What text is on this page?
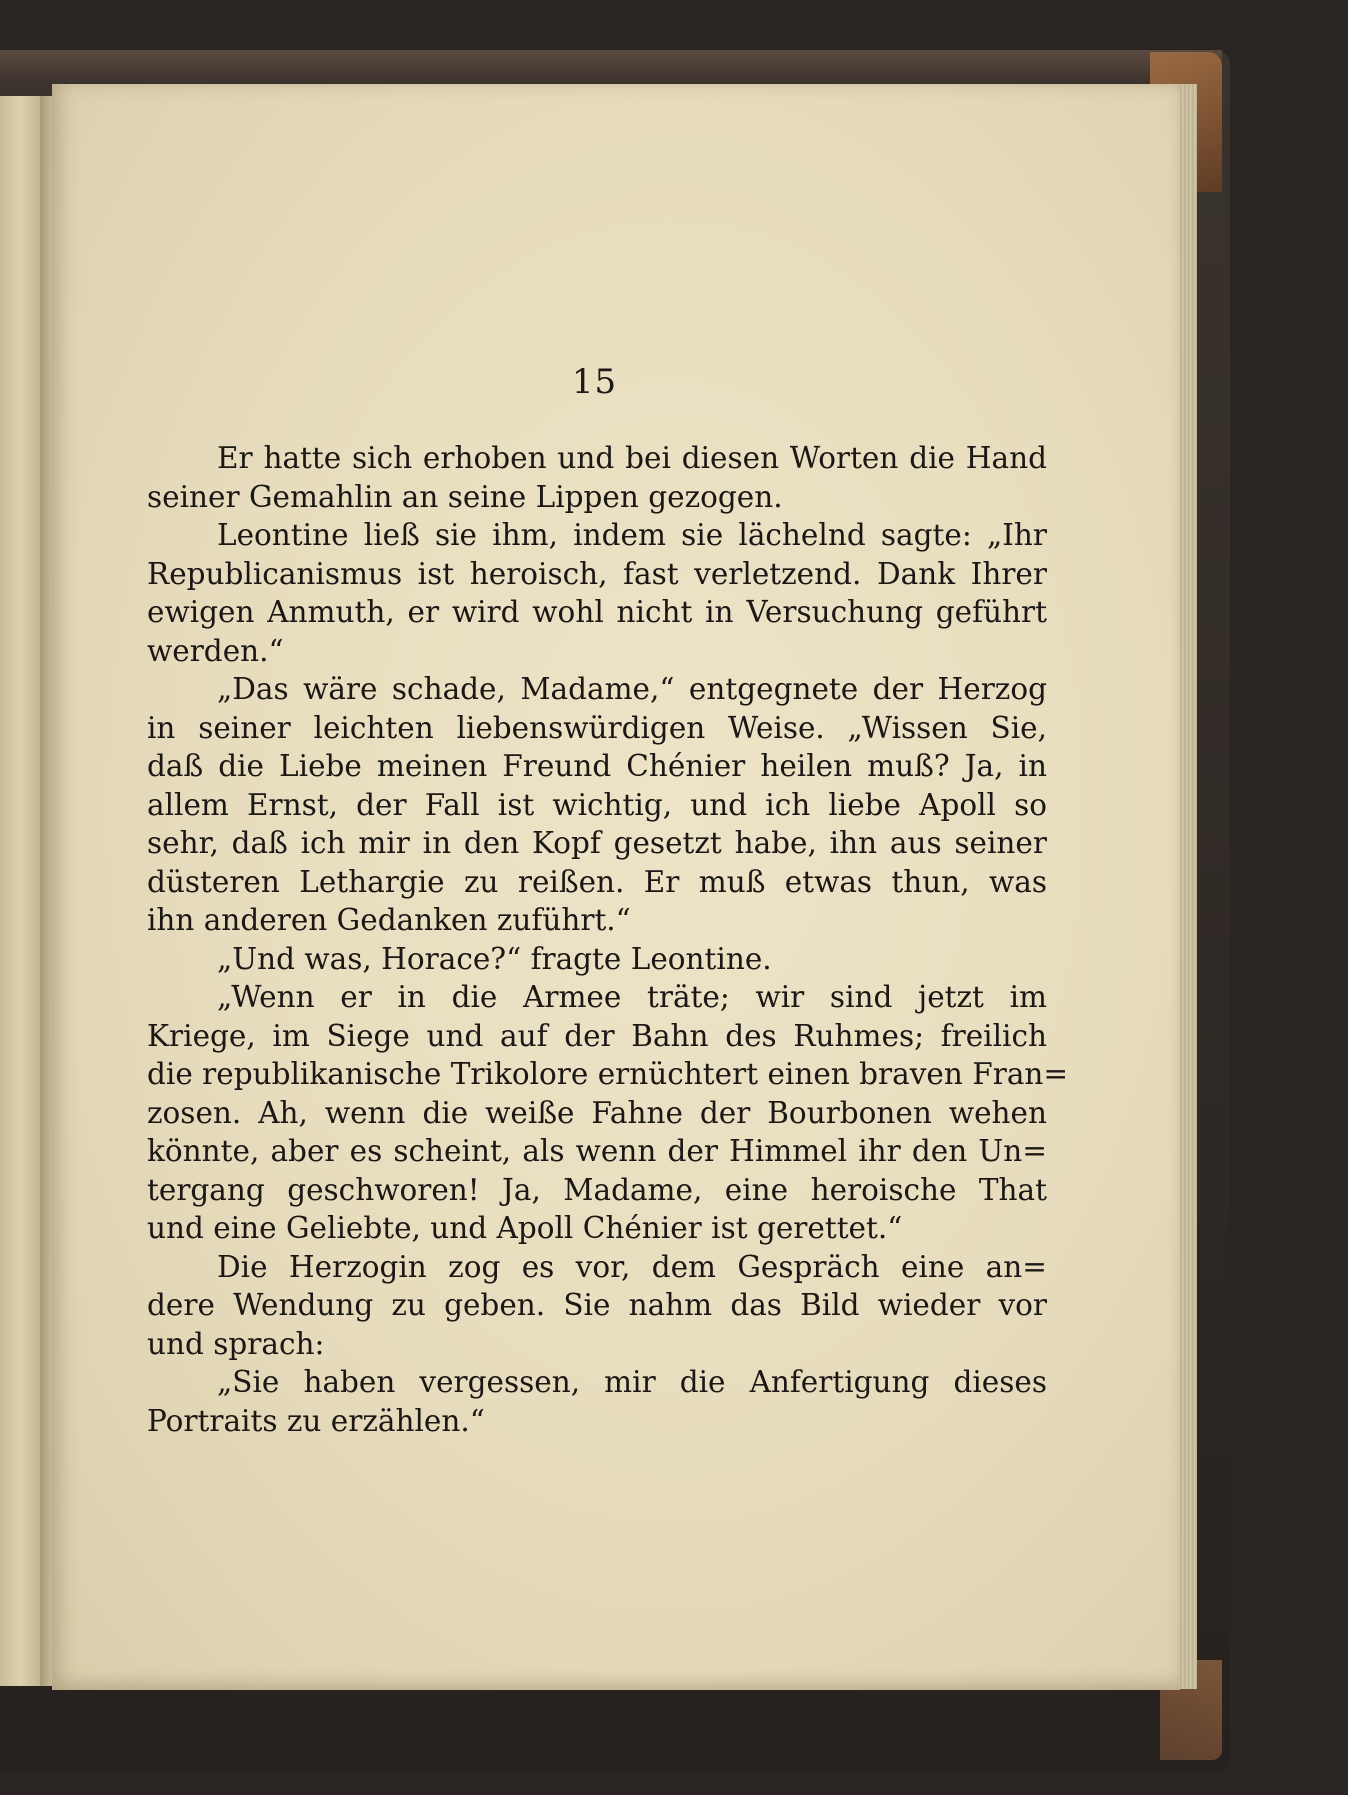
15
Er hatte sich erhoben und bei diesen Worten die Hand
seiner Gemahlin an seine Lippen gezogen.
Leontine ließ sie ihm, indem sie lächelnd sagte: „Ihr
Republicanismus ist heroisch, fast verletzend. Dank Ihrer
ewigen Anmuth, er wird wohl nicht in Versuchung geführt
werden.“
„Das wäre schade, Madame,“ entgegnete der Herzog
in seiner leichten liebenswürdigen Weise. „Wissen Sie,
daß die Liebe meinen Freund Chénier heilen muß? Ja, in
allem Ernst, der Fall ist wichtig, und ich liebe Apoll so
sehr, daß ich mir in den Kopf gesetzt habe, ihn aus seiner
düsteren Lethargie zu reißen. Er muß etwas thun, was
ihn anderen Gedanken zuführt.“
„Und was, Horace?“ fragte Leontine.
„Wenn er in die Armee träte; wir sind jetzt im
Kriege, im Siege und auf der Bahn des Ruhmes; freilich
die republikanische Trikolore ernüchtert einen braven Fran=
zosen. Ah, wenn die weiße Fahne der Bourbonen wehen
könnte, aber es scheint, als wenn der Himmel ihr den Un=
tergang geschworen! Ja, Madame, eine heroische That
und eine Geliebte, und Apoll Chénier ist gerettet.“
Die Herzogin zog es vor, dem Gespräch eine an=
dere Wendung zu geben. Sie nahm das Bild wieder vor
und sprach:
„Sie haben vergessen, mir die Anfertigung dieses
Portraits zu erzählen.“
